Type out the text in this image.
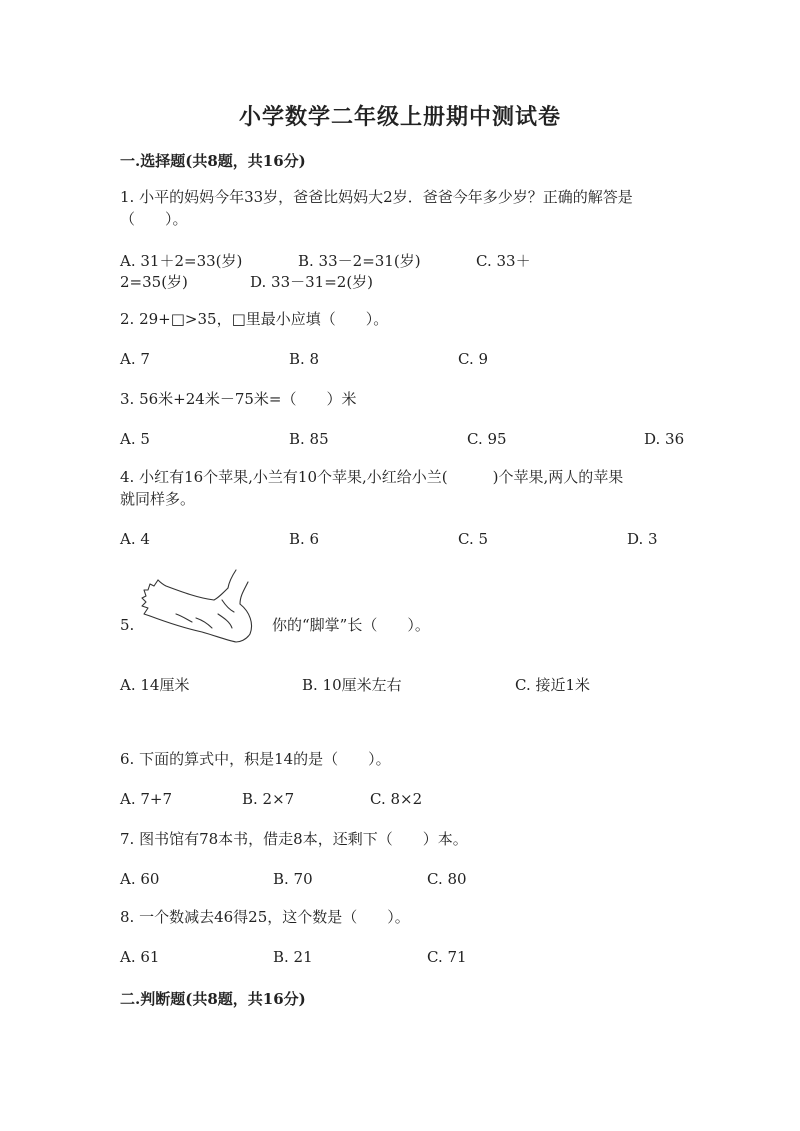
小学数学二年级上册期中测试卷
一.选择题(共8题，共16分)
1. 小平的妈妈今年33岁，爸爸比妈妈大2岁．爸爸今年多少岁？正确的解答是
（　　）。
A. 31＋2=33(岁)	B. 33－2=31(岁)	C. 33＋
2=35(岁)	D. 33－31=2(岁)
2. 29+□>35，□里最小应填（　　）。
A. 7	B. 8	C. 9
3. 56米+24米－75米=（　　）米
A. 5	B. 85	C. 95	D. 36
4. 小红有16个苹果,小兰有10个苹果,小红给小兰(　　　)个苹果,两人的苹果
就同样多。
A. 4	B. 6	C. 5	D. 3
5.	你的“脚掌”长（　　）。
A. 14厘米	B. 10厘米左右	C. 接近1米
6. 下面的算式中，积是14的是（　　）。
A. 7+7	B. 2×7	C. 8×2
7. 图书馆有78本书，借走8本，还剩下（　　）本。
A. 60	B. 70	C. 80
8. 一个数减去46得25，这个数是（　　）。
A. 61	B. 21	C. 71
二.判断题(共8题，共16分)
